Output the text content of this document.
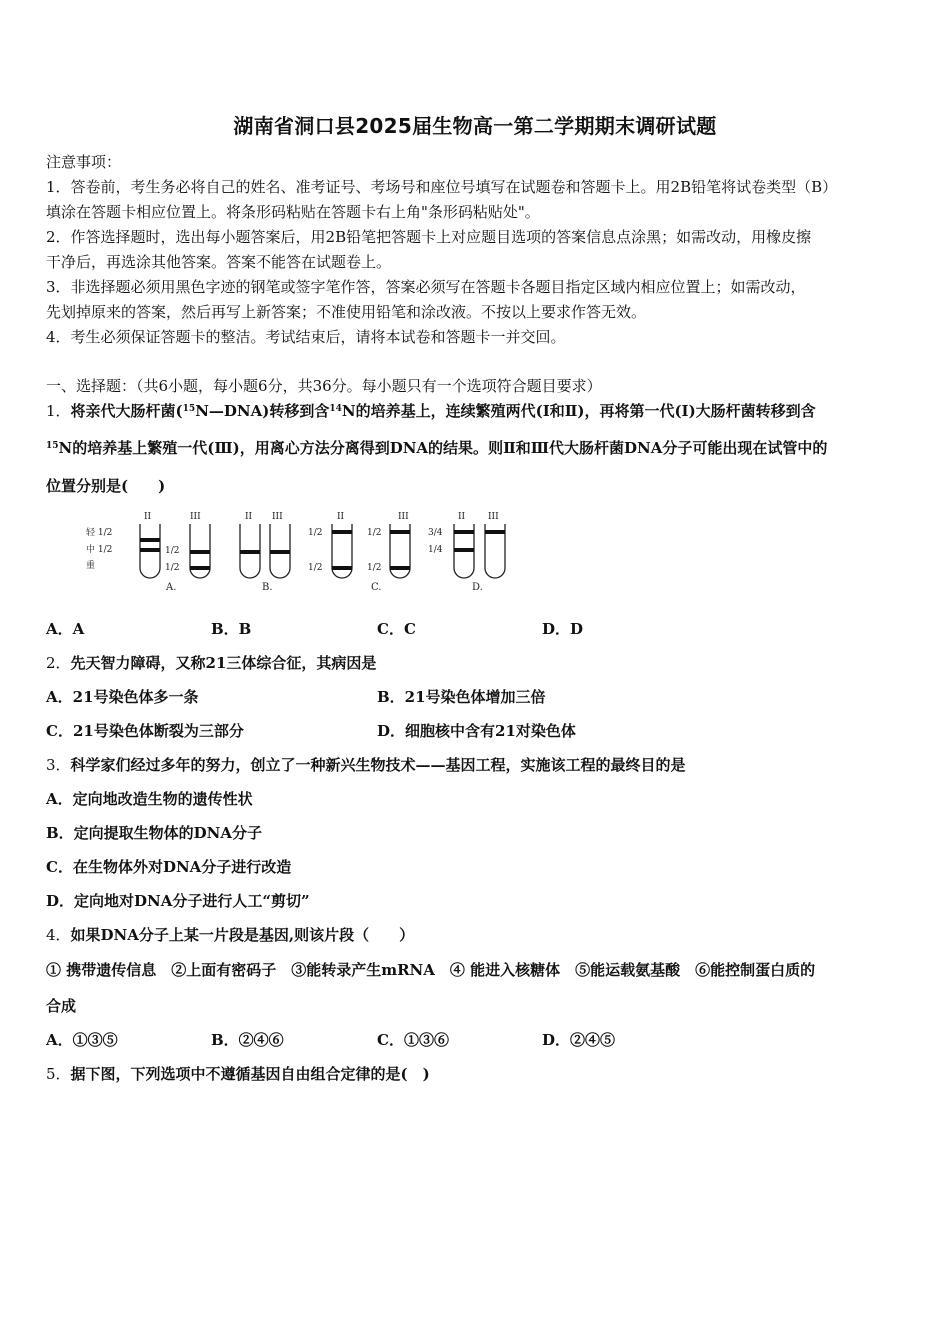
湖南省洞口县2025届生物高一第二学期期末调研试题
注意事项：
1．答卷前，考生务必将自己的姓名、准考证号、考场号和座位号填写在试题卷和答题卡上。用2B铅笔将试卷类型（B）
填涂在答题卡相应位置上。将条形码粘贴在答题卡右上角"条形码粘贴处"。
2．作答选择题时，选出每小题答案后，用2B铅笔把答题卡上对应题目选项的答案信息点涂黑；如需改动，用橡皮擦
干净后，再选涂其他答案。答案不能答在试题卷上。
3．非选择题必须用黑色字迹的钢笔或签字笔作答，答案必须写在答题卡各题目指定区域内相应位置上；如需改动，
先划掉原来的答案，然后再写上新答案；不准使用铅笔和涂改液。不按以上要求作答无效。
4．考生必须保证答题卡的整洁。考试结束后，请将本试卷和答题卡一并交回。
一、选择题：（共6小题，每小题6分，共36分。每小题只有一个选项符合题目要求）
1．将亲代大肠杆菌($^{15}$N—DNA)转移到含$^{14}$N的培养基上，连续繁殖两代(Ⅰ和Ⅱ)，再将第一代(Ⅰ)大肠杆菌转移到含
$^{15}$N的培养基上繁殖一代(Ⅲ)，用离心方法分离得到DNA的结果。则Ⅱ和Ⅲ代大肠杆菌DNA分子可能出现在试管中的
位置分别是(　　)
轻 1/2
中 1/2
重
II	III
1/2
1/2
A.
II III
B.
1/2
1/2
II	III
1/2
1/2
C.
3/4
1/4
II	III
D.
A．A	B．B	C．C	D．D
2．先天智力障碍，又称21三体综合征，其病因是
A．21号染色体多一条	B．21号染色体增加三倍
C．21号染色体断裂为三部分	D．细胞核中含有21对染色体
3．科学家们经过多年的努力，创立了一种新兴生物技术——基因工程，实施该工程的最终目的是
A．定向地改造生物的遗传性状
B．定向提取生物体的DNA分子
C．在生物体外对DNA分子进行改造
D．定向地对DNA分子进行人工“剪切”
4．如果DNA分子上某一片段是基因,则该片段（　　）
① 携带遗传信息　②上面有密码子　③能转录产生mRNA　④ 能进入核糖体　⑤能运载氨基酸　⑥能控制蛋白质的
合成
A．①③⑤	B．②④⑥	C．①③⑥	D．②④⑤
5．据下图，下列选项中不遵循基因自由组合定律的是(　)
